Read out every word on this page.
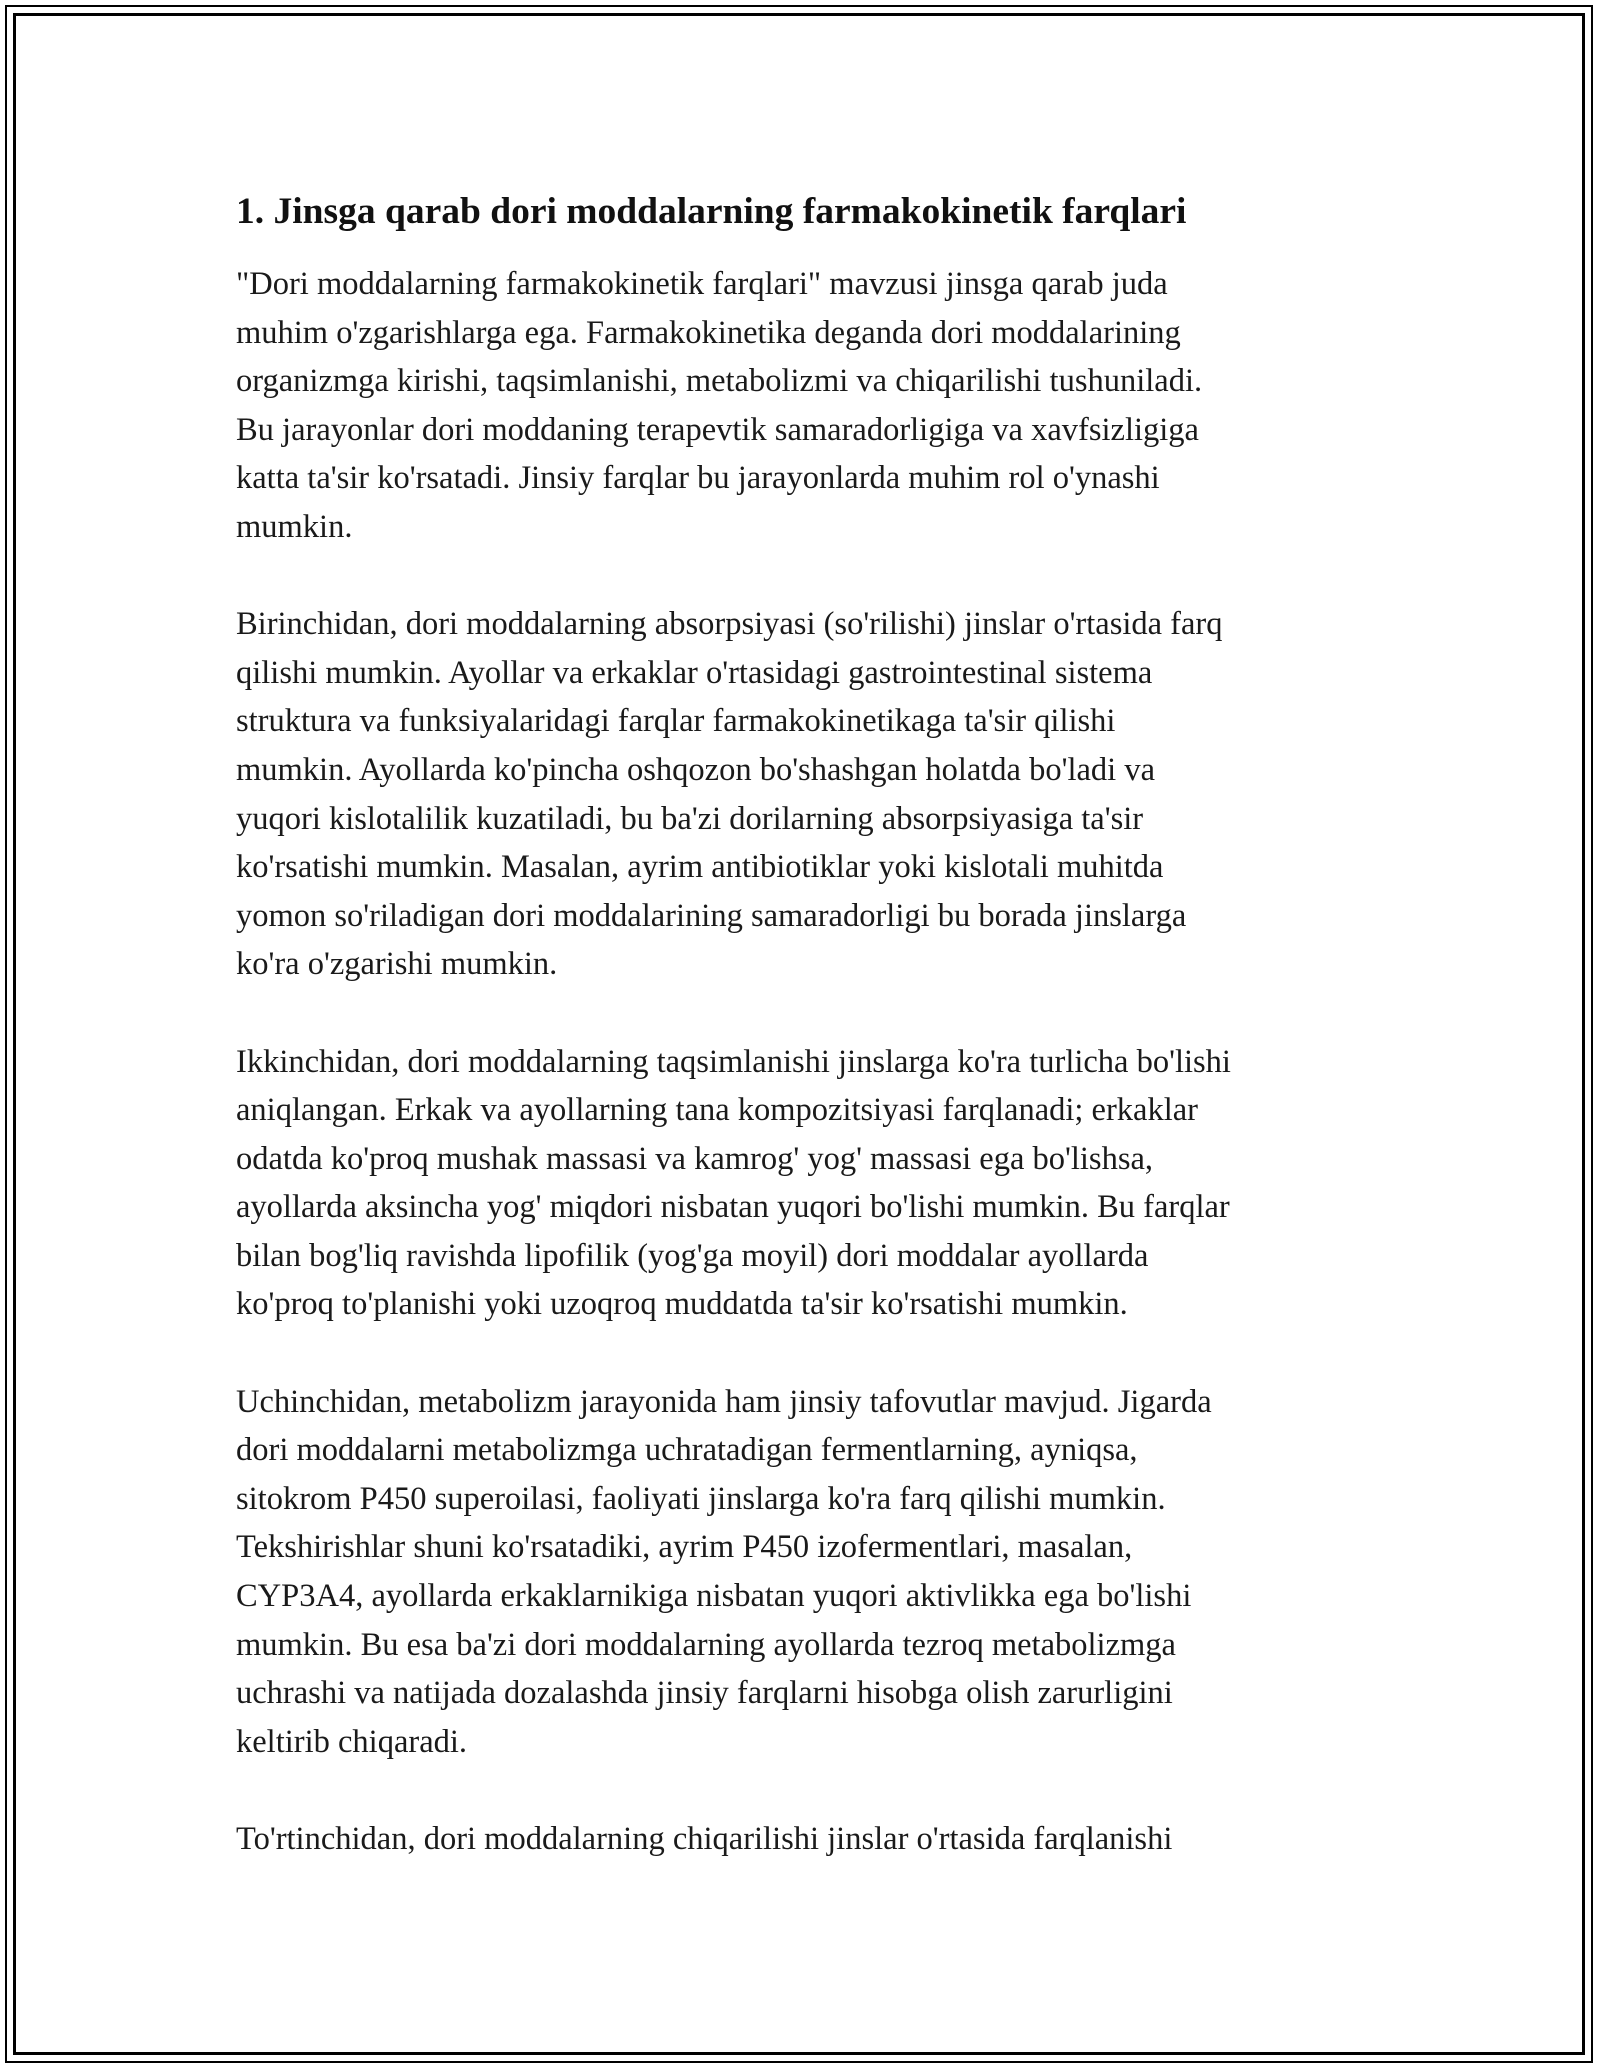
1. Jinsga qarab dori moddalarning farmakokinetik farqlari

"Dori moddalarning farmakokinetik farqlari" mavzusi jinsga qarab juda
muhim o'zgarishlarga ega. Farmakokinetika deganda dori moddalarining
organizmga kirishi, taqsimlanishi, metabolizmi va chiqarilishi tushuniladi.
Bu jarayonlar dori moddaning terapevtik samaradorligiga va xavfsizligiga
katta ta'sir ko'rsatadi. Jinsiy farqlar bu jarayonlarda muhim rol o'ynashi
mumkin.

Birinchidan, dori moddalarning absorpsiyasi (so'rilishi) jinslar o'rtasida farq
qilishi mumkin. Ayollar va erkaklar o'rtasidagi gastrointestinal sistema
struktura va funksiyalaridagi farqlar farmakokinetikaga ta'sir qilishi
mumkin. Ayollarda ko'pincha oshqozon bo'shashgan holatda bo'ladi va
yuqori kislotalilik kuzatiladi, bu ba'zi dorilarning absorpsiyasiga ta'sir
ko'rsatishi mumkin. Masalan, ayrim antibiotiklar yoki kislotali muhitda
yomon so'riladigan dori moddalarining samaradorligi bu borada jinslarga
ko'ra o'zgarishi mumkin.

Ikkinchidan, dori moddalarning taqsimlanishi jinslarga ko'ra turlicha bo'lishi
aniqlangan. Erkak va ayollarning tana kompozitsiyasi farqlanadi; erkaklar
odatda ko'proq mushak massasi va kamrog' yog' massasi ega bo'lishsa,
ayollarda aksincha yog' miqdori nisbatan yuqori bo'lishi mumkin. Bu farqlar
bilan bog'liq ravishda lipofilik (yog'ga moyil) dori moddalar ayollarda
ko'proq to'planishi yoki uzoqroq muddatda ta'sir ko'rsatishi mumkin.

Uchinchidan, metabolizm jarayonida ham jinsiy tafovutlar mavjud. Jigarda
dori moddalarni metabolizmga uchratadigan fermentlarning, ayniqsa,
sitokrom P450 superoilasi, faoliyati jinslarga ko'ra farq qilishi mumkin.
Tekshirishlar shuni ko'rsatadiki, ayrim P450 izofermentlari, masalan,
CYP3A4, ayollarda erkaklarnikiga nisbatan yuqori aktivlikka ega bo'lishi
mumkin. Bu esa ba'zi dori moddalarning ayollarda tezroq metabolizmga
uchrashi va natijada dozalashda jinsiy farqlarni hisobga olish zarurligini
keltirib chiqaradi.

To'rtinchidan, dori moddalarning chiqarilishi jinslar o'rtasida farqlanishi
